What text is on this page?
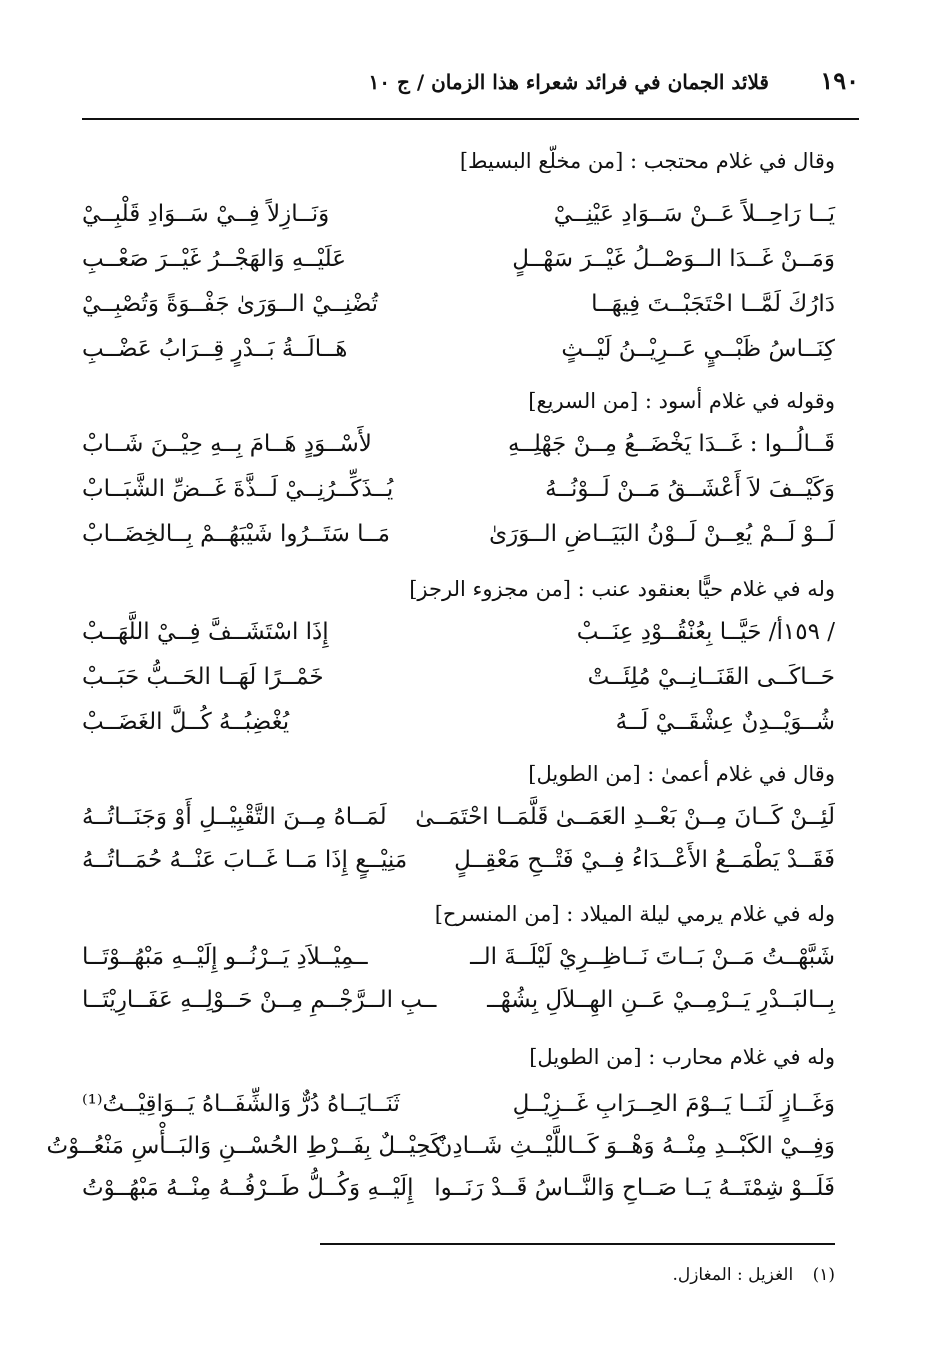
١٩٠
قلائد الجمان في فرائد شعراء هذا الزمان / ج ١٠
وقال في غلام محتجب : [من مخلّع البسيط]
يَــا رَاحِــلاً عَــنْ سَــوَادِ عَيْنِــيْ
وَنَــازِلاً فِــيْ سَــوَادِ قَلْبِــيْ
وَمَــنْ غَــدَا الــوَصْــلُ غَيْــرَ سَهْــلٍ
عَلَيْــهِ وَالهَجْــرُ غَيْــرَ صَعْــبِ
دَارُكَ لَمَّــا احْتَجَبْــتَ فِيهَــا
تُضْنِــيْ الــوَرَىٰ جَفْــوَةً وَتُصْبِــيْ
كِنَــاسُ ظَبْــيٍ عَــرِيْــنُ لَيْــثٍ
هَــالَــةُ بَــدْرٍ قِــرَابُ عَضْــبِ
وقوله في غلام أسود : [من السريع]
قَــالُــوا : غَــدَا يَخْضَــعُ مِــنْ جَهْلِــهِ
لأَسْــوَدٍ هَــامَ بِــهِ حِيْــنَ شَــابْ
وَكَيْــفَ لاَ أَعْشَــقُ مَــنْ لَــوْنُــهُ
يُــذَكِّــرُنِــيْ لَــذَّةَ غَــضِّ الشَّبَــابْ
لَــوْ لَــمْ يُعِــنْ لَــوْنُ البَيَــاضِ الــوَرَىٰ
مَــا سَتَــرُوا شَيْبَهُــمْ بِــالخِضَــابْ
وله في غلام حيًّا بعنقود عنب : [من مجزوء الرجز]
/ ١٥٩أ/ حَيَّــا بِعُنْقُــوْدِ عِنَــبْ
إِذَا اسْتَشَــفَّ فِــيْ اللَّهَــبْ
حَــاكَــى القَنَــانِــيْ مُلِئَــتْ
خَمْــرًا لَهَــا الحَــبُّ حَبَــبْ
شُــوَيْــدِنٌ عِشْقَــيْ لَــهُ
يُغْضِبُــهُ كُــلَّ الغَضَــبْ
وقال في غلام أعمىٰ : [من الطويل]
لَئِــنْ كَــانَ مِــنْ بَعْــدِ العَمَــىٰ قَلَّمَــا احْتَمَــىٰ
لَمَــاهُ مِــنَ التَّقْبِيْــلِ أَوْ وَجَنَــاتُــهُ
فَقَــدْ يَطْمَــعُ الأَعْــدَاءُ فِــيْ فَتْــحِ مَعْقِــلٍ
مَنِيْــعٍ إِذَا مَــا غَــابَ عَنْــهُ حُمَــاتُــهُ
وله في غلام يرمي ليلة الميلاد : [من المنسرح]
شَبَّهْــتُ مَــنْ بَــاتَ نَــاظِــرِيْ لَيْلَــةَ الــ
ــمِيْــلاَدِ يَــرْنُــو إِلَيْــهِ مَبْهُــوْتَــا
بِــالبَــدْرِ يَــرْمِــيْ عَــنِ الهِــلاَلِ بِشُهْــ
ــبِ الــرَّجْــمِ مِــنْ حَــوْلِــهِ عَفَــارِيْتَــا
وله في غلام محارب : [من الطويل]
وَغَــازٍ لَنَــا يَــوْمَ الحِــرَابِ غَــزِيْــلِ
ثَنَــايَــاهُ دُرٌّ وَالشِّفَــاهُ يَــوَاقِيْــتُ⁽¹⁾
وَفِــيْ الكَبْــدِ مِنْــهُ وَهْــوَ كَــاللَّيْــثِ شَــادِنٌ
كَحِيْــلٌ بِفَــرْطِ الحُسْــنِ وَالبَــأْسِ مَنْعُــوْتُ
فَلَــوْ شِمْتَــهُ يَــا صَــاحِ وَالنَّــاسُ قَــدْ رَنَــوا
إِلَيْــهِ وَكُــلُّ طَــرْفُــهُ مِنْــهُ مَبْهُــوْتُ
(١) الغزيل : المغازل.
